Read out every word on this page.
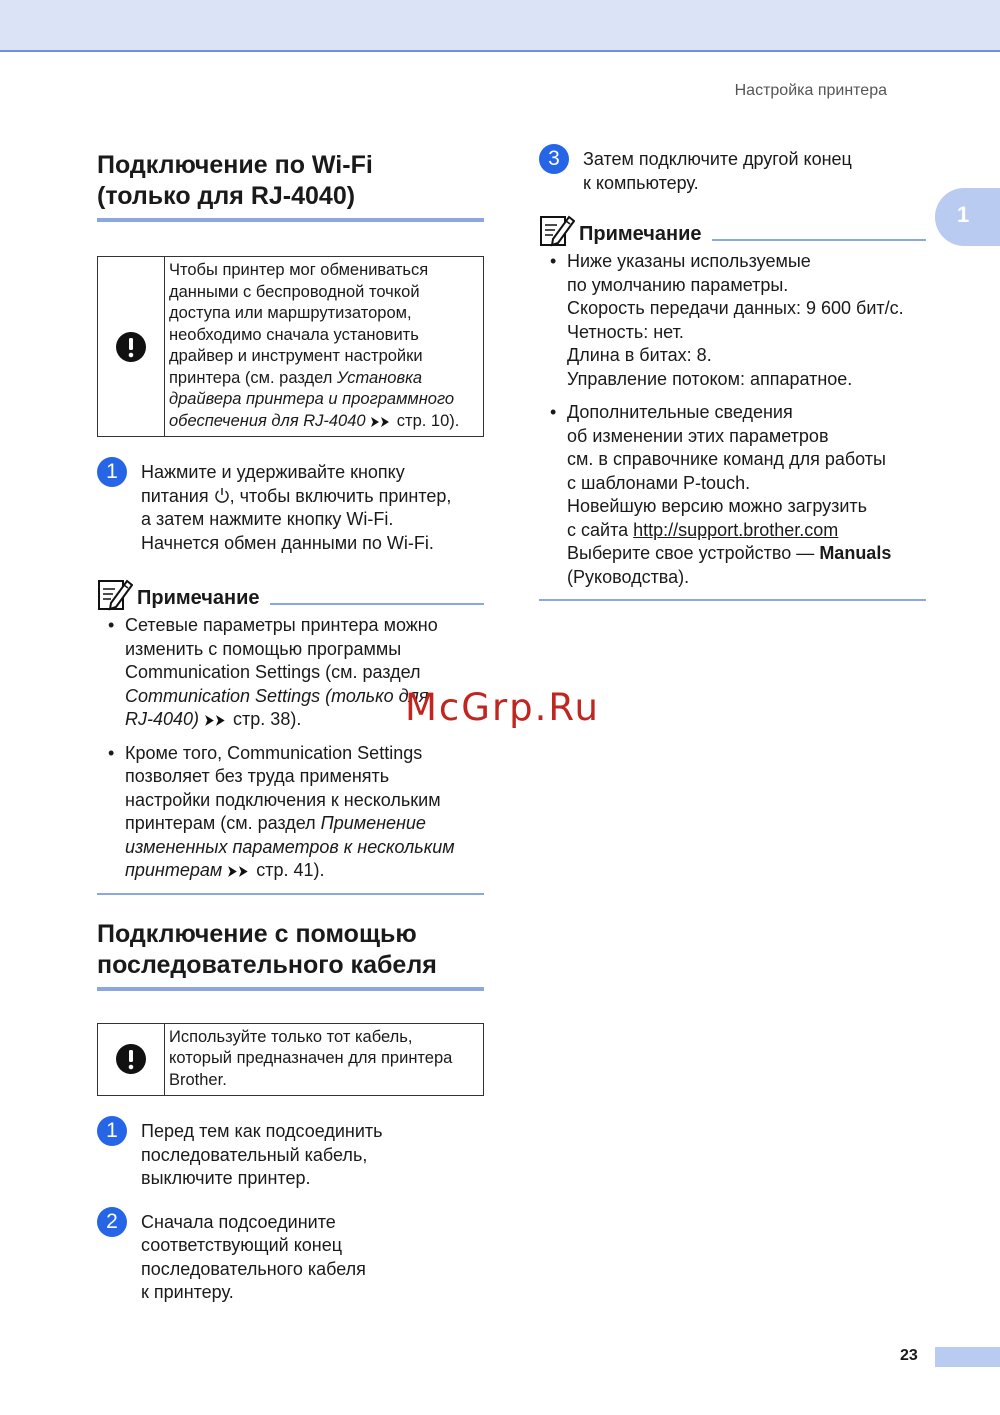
Настройка принтера
1
Подключение по Wi-Fi
(только для RJ-4040)
Чтобы принтер мог обмениваться
данными с беспроводной точкой
доступа или маршрутизатором,
необходимо сначала установить
драйвер и инструмент настройки
принтера (см. раздел Установка
драйвера принтера и программного
обеспечения для RJ-4040  стр. 10).
1	Нажмите и удерживайте кнопку
питания , чтобы включить принтер,
а затем нажмите кнопку Wi-Fi.
Начнется обмен данными по Wi-Fi.
Примечание
• Сетевые параметры принтера можно
изменить с помощью программы
Communication Settings (см. раздел
Communication Settings (только для
RJ-4040)  стр. 38).
• Кроме того, Communication Settings
позволяет без труда применять
настройки подключения к нескольким
принтерам (см. раздел Применение
измененных параметров к нескольким
принтерам  стр. 41).
Подключение с помощью
последовательного кабеля
Используйте только тот кабель,
который предназначен для принтера
Brother.
1	Перед тем как подсоединить
последовательный кабель,
выключите принтер.
2	Сначала подсоедините
соответствующий конец
последовательного кабеля
к принтеру.
3	Затем подключите другой конец
к компьютеру.
Примечание
• Ниже указаны используемые
по умолчанию параметры.
Скорость передачи данных: 9 600 бит/с.
Четность: нет.
Длина в битах: 8.
Управление потоком: аппаратное.
• Дополнительные сведения
об изменении этих параметров
см. в справочнике команд для работы
с шаблонами P-touch.
Новейшую версию можно загрузить
с сайта http://support.brother.com
Выберите свое устройство — Manuals
(Руководства).
McGrp.Ru
23
